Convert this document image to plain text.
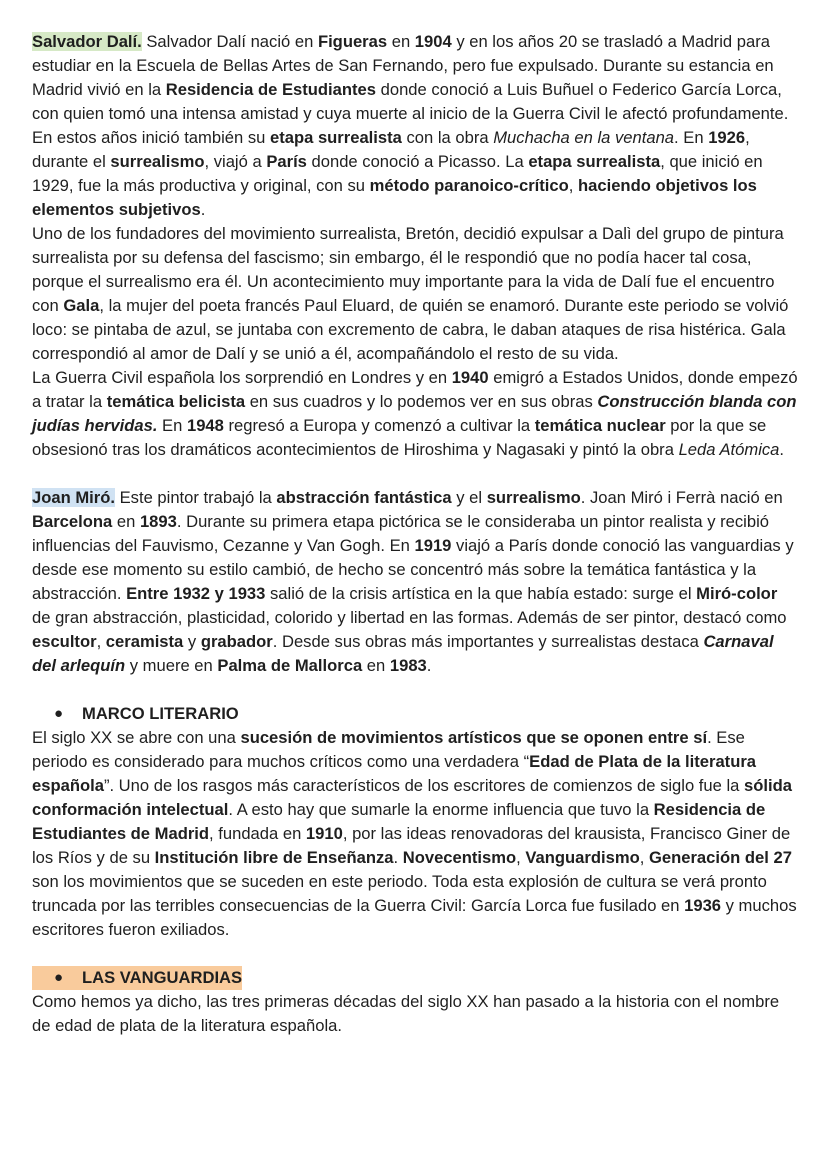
Salvador Dalí. Salvador Dalí nació en Figueras en 1904 y en los años 20 se trasladó a Madrid para estudiar en la Escuela de Bellas Artes de San Fernando, pero fue expulsado. Durante su estancia en Madrid vivió en la Residencia de Estudiantes donde conoció a Luis Buñuel o Federico García Lorca, con quien tomó una intensa amistad y cuya muerte al inicio de la Guerra Civil le afectó profundamente. En estos años inició también su etapa surrealista con la obra Muchacha en la ventana. En 1926, durante el surrealismo, viajó a París donde conoció a Picasso. La etapa surrealista, que inició en 1929, fue la más productiva y original, con su método paranoico-crítico, haciendo objetivos los elementos subjetivos.

Uno de los fundadores del movimiento surrealista, Bretón, decidió expulsar a Dalì del grupo de pintura surrealista por su defensa del fascismo; sin embargo, él le respondió que no podía hacer tal cosa, porque el surrealismo era él. Un acontecimiento muy importante para la vida de Dalí fue el encuentro con Gala, la mujer del poeta francés Paul Eluard, de quién se enamoró. Durante este periodo se volvió loco: se pintaba de azul, se juntaba con excremento de cabra, le daban ataques de risa histérica. Gala correspondió al amor de Dalí y se unió a él, acompañándolo el resto de su vida.

La Guerra Civil española los sorprendió en Londres y en 1940 emigró a Estados Unidos, donde empezó a tratar la temática belicista en sus cuadros y lo podemos ver en sus obras Construcción blanda con judías hervidas. En 1948 regresó a Europa y comenzó a cultivar la temática nuclear por la que se obsesionó tras los dramáticos acontecimientos de Hiroshima y Nagasaki y pintó la obra Leda Atómica.

Joan Miró. Este pintor trabajó la abstracción fantástica y el surrealismo. Joan Miró i Ferrà nació en Barcelona en 1893. Durante su primera etapa pictórica se le consideraba un pintor realista y recibió influencias del Fauvismo, Cezanne y Van Gogh. En 1919 viajó a París donde conoció las vanguardias y desde ese momento su estilo cambió, de hecho se concentró más sobre la temática fantástica y la abstracción. Entre 1932 y 1933 salió de la crisis artística en la que había estado: surge el Miró-color de gran abstracción, plasticidad, colorido y libertad en las formas. Además de ser pintor, destacó como escultor, ceramista y grabador. Desde sus obras más importantes y surrealistas destaca Carnaval del arlequín y muere en Palma de Mallorca en 1983.

●	MARCO LITERARIO

El siglo XX se abre con una sucesión de movimientos artísticos que se oponen entre sí. Ese periodo es considerado para muchos críticos como una verdadera “Edad de Plata de la literatura española”. Uno de los rasgos más característicos de los escritores de comienzos de siglo fue la sólida conformación intelectual. A esto hay que sumarle la enorme influencia que tuvo la Residencia de Estudiantes de Madrid, fundada en 1910, por las ideas renovadoras del krausista, Francisco Giner de los Ríos y de su Institución libre de Enseñanza. Novecentismo, Vanguardismo, Generación del 27 son los movimientos que se suceden en este periodo. Toda esta explosión de cultura se verá pronto truncada por las terribles consecuencias de la Guerra Civil: García Lorca fue fusilado en 1936 y muchos escritores fueron exiliados.

●	LAS VANGUARDIAS

Como hemos ya dicho, las tres primeras décadas del siglo XX han pasado a la historia con el nombre de edad de plata de la literatura española.
